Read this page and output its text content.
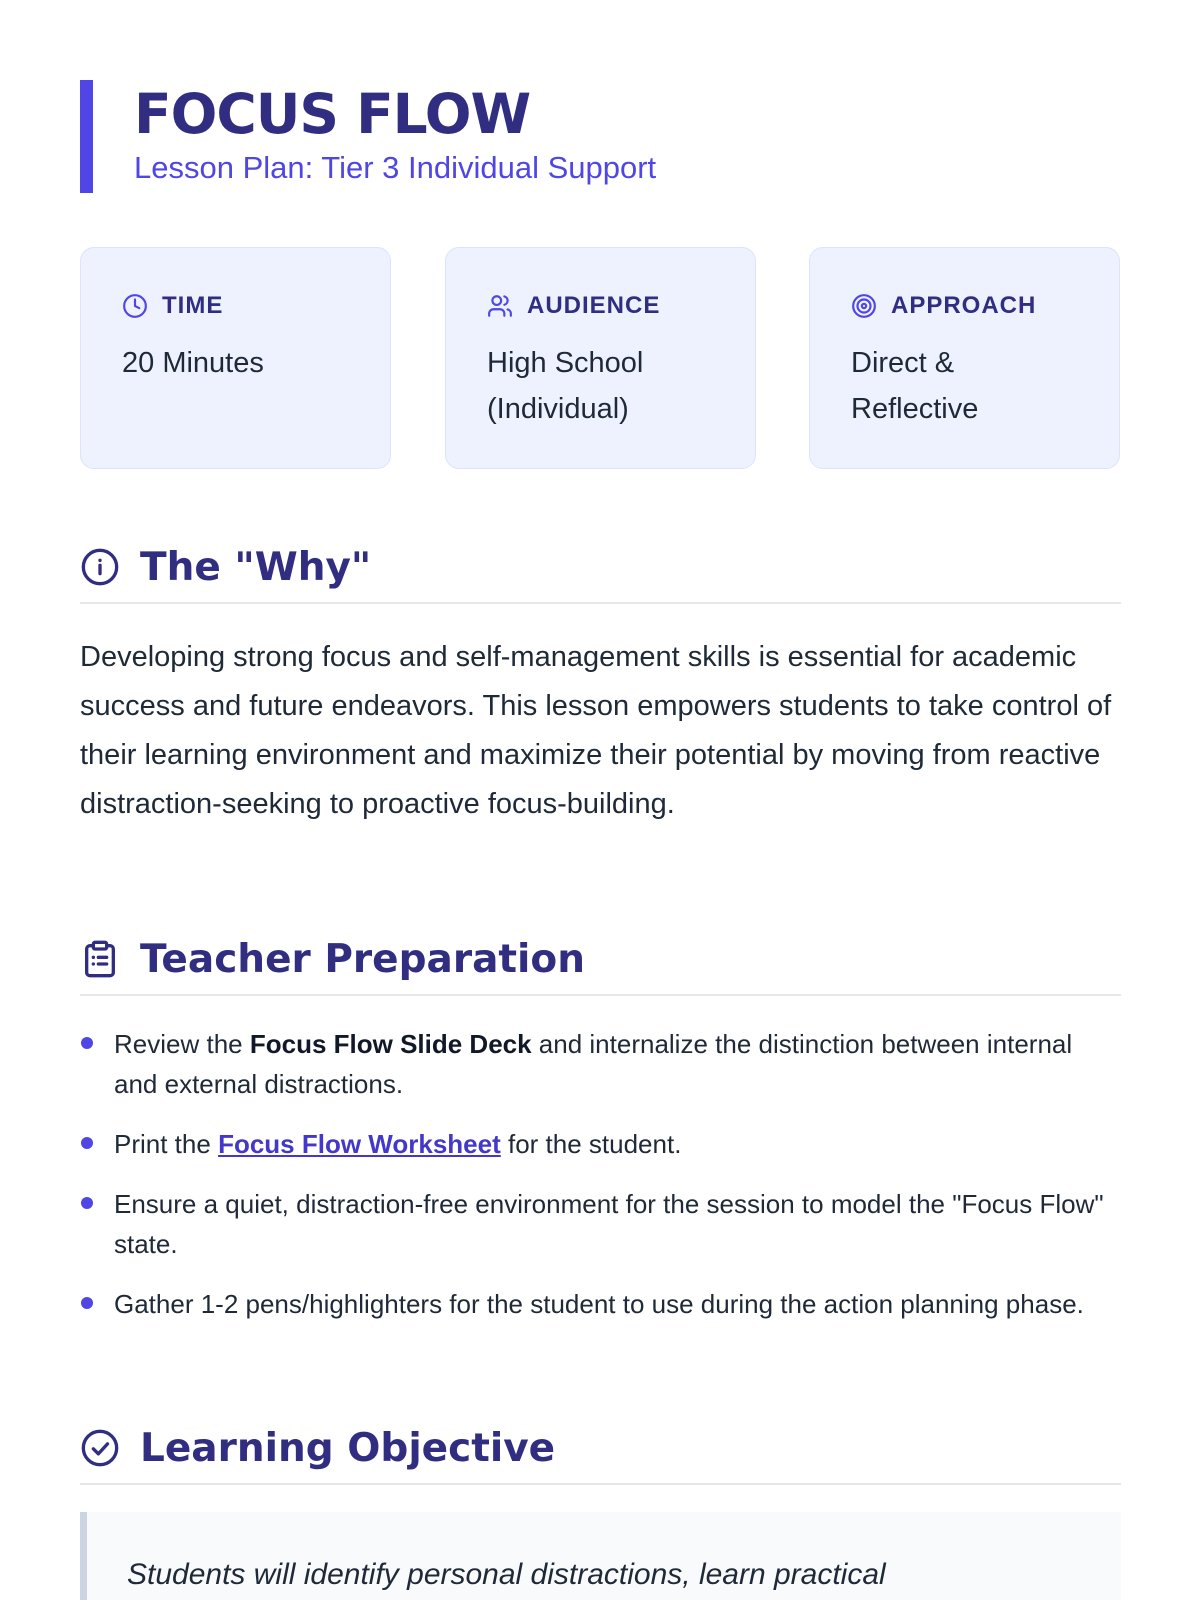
FOCUS FLOW
Lesson Plan: Tier 3 Individual Support
TIME
20 Minutes
AUDIENCE
High School (Individual)
APPROACH
Direct & Reflective
The "Why"

Developing strong focus and self-management skills is essential for academic success and future endeavors. This lesson empowers students to take control of their learning environment and maximize their potential by moving from reactive distraction-seeking to proactive focus-building.

Teacher Preparation
Review the Focus Flow Slide Deck and internalize the distinction between internal and external distractions.
Print the Focus Flow Worksheet for the student.
Ensure a quiet, distraction-free environment for the session to model the "Focus Flow" state.
Gather 1-2 pens/highlighters for the student to use during the action planning phase.
Learning Objective
Students will identify personal distractions, learn practical
